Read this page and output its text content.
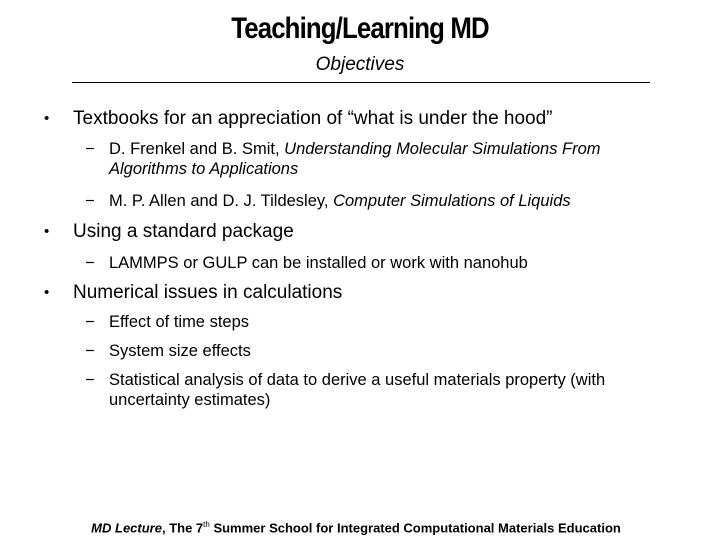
Teaching/Learning MD
Objectives
• Textbooks for an appreciation of “what is under the hood”
− D. Frenkel and B. Smit, Understanding Molecular Simulations From Algorithms to Applications
− M. P. Allen and D. J. Tildesley, Computer Simulations of Liquids
• Using a standard package
− LAMMPS or GULP can be installed or work with nanohub
• Numerical issues in calculations
− Effect of time steps
− System size effects
− Statistical analysis of data to derive a useful materials property (with uncertainty estimates)
MD Lecture, The 7th Summer School for Integrated Computational Materials Education
